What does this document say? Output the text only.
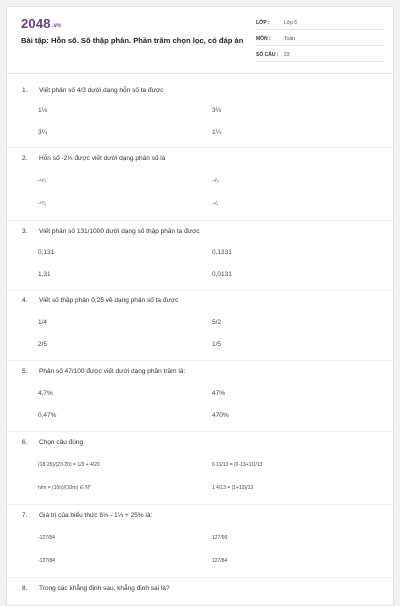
2048.vn
Bài tập: Hỗn số. Số thập phân. Phần trăm chọn lọc, có đáp án
LỚP :	Lớp 6
MÔN :	Toán
SỐ CÂU : 23
1. Viết phân số 4/3 dưới dạng hỗn số ta được
1⅓	3⅓
3¼	1¼
2. Hỗn số -2⅓ được viết dưới dạng phân số là
-²¹⁄₃	-⁴⁄₃
-¹⁰⁄₃	-⁷⁄₃
3. Viết phân số 131/1000 dưới dạng số thập phân ta được
0,131	0,1331
1,31	0,0131
4. Viết số thập phân 0,25 về dạng phân số ta được
1/4	5/2
2/5	1/5
5. Phân số 47/100 được viết dưới dạng phần trăm là:
4,7%	47%
0,47%	470%
6. Chọn câu đúng
(18·25)/(23·20) = 1/3 + 4/20	6 11/13 = (6·13+11)/13
n/m = (10n)/(10m) ∈ N*	1 4/13 = (1+13)/13
7. Giá trị của biểu thức 8⅓ - 1⅓ + 25% là:
-127/84	127/99
-127/84	127/84
8. Trong các khẳng định sau, khẳng định sai là?
